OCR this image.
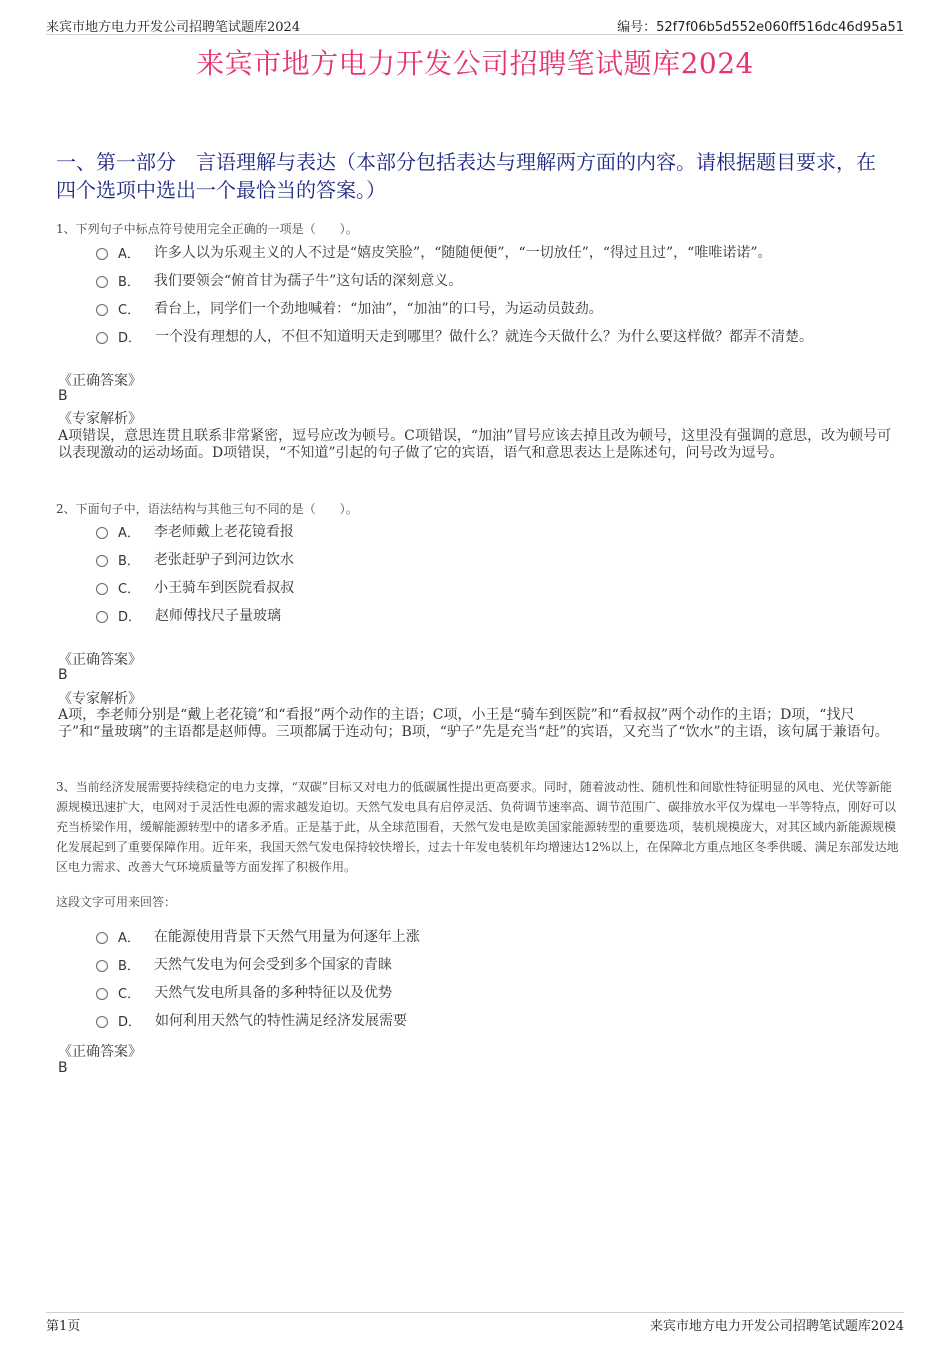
来宾市地方电力开发公司招聘笔试题库2024	编号：52f7f06b5d552e060ff516dc46d95a51
来宾市地方电力开发公司招聘笔试题库2024
一、第一部分　言语理解与表达（本部分包括表达与理解两方面的内容。请根据题目要求，在四个选项中选出一个最恰当的答案。）
1、下列句子中标点符号使用完全正确的一项是（　　）。
A． 许多人以为乐观主义的人不过是“嬉皮笑脸”，“随随便便”，“一切放任”，“得过且过”，“唯唯诺诺”。
B． 我们要领会“俯首甘为孺子牛”这句话的深刻意义。
C． 看台上，同学们一个劲地喊着：“加油”，“加油”的口号，为运动员鼓劲。
D． 一个没有理想的人，不但不知道明天走到哪里？做什么？就连今天做什么？为什么要这样做？都弄不清楚。
《正确答案》
B
《专家解析》
A项错误，意思连贯且联系非常紧密，逗号应改为顿号。C项错误，“加油”冒号应该去掉且改为顿号，这里没有强调的意思，改为顿号可以表现激动的运动场面。D项错误，“不知道”引起的句子做了它的宾语，语气和意思表达上是陈述句，问号改为逗号。
2、下面句子中，语法结构与其他三句不同的是（　　）。
A． 李老师戴上老花镜看报
B． 老张赶驴子到河边饮水
C． 小王骑车到医院看叔叔
D． 赵师傅找尺子量玻璃
《正确答案》
B
《专家解析》
A项，李老师分别是“戴上老花镜”和“看报”两个动作的主语；C项，小王是“骑车到医院”和“看叔叔”两个动作的主语；D项，“找尺子”和“量玻璃”的主语都是赵师傅。三项都属于连动句；B项，“驴子”先是充当“赶”的宾语，又充当了“饮水”的主语，该句属于兼语句。
3、当前经济发展需要持续稳定的电力支撑，“双碳”目标又对电力的低碳属性提出更高要求。同时，随着波动性、随机性和间歇性特征明显的风电、光伏等新能源规模迅速扩大，电网对于灵活性电源的需求越发迫切。天然气发电具有启停灵活、负荷调节速率高、调节范围广、碳排放水平仅为煤电一半等特点，刚好可以充当桥梁作用，缓解能源转型中的诸多矛盾。正是基于此，从全球范围看，天然气发电是欧美国家能源转型的重要选项，装机规模庞大，对其区域内新能源规模化发展起到了重要保障作用。近年来，我国天然气发电保持较快增长，过去十年发电装机年均增速达12%以上，在保障北方重点地区冬季供暖、满足东部发达地区电力需求、改善大气环境质量等方面发挥了积极作用。
这段文字可用来回答：
A． 在能源使用背景下天然气用量为何逐年上涨
B． 天然气发电为何会受到多个国家的青睐
C． 天然气发电所具备的多种特征以及优势
D． 如何利用天然气的特性满足经济发展需要
《正确答案》
B
第1页	来宾市地方电力开发公司招聘笔试题库2024
